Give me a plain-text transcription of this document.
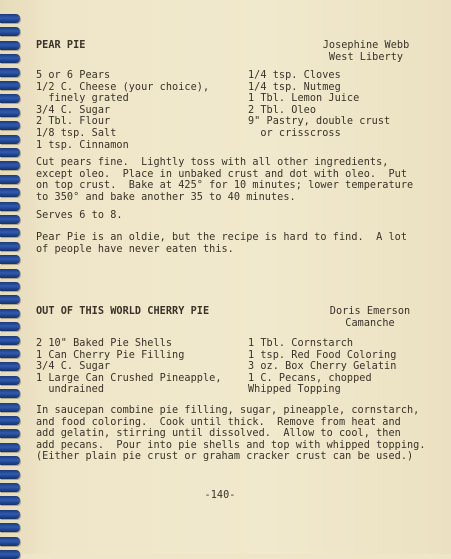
PEAR PIE	Josephine Webb
West Liberty
5 or 6 Pears
1/2 C. Cheese (your choice),
finely grated
3/4 C. Sugar
2 Tbl. Flour
1/8 tsp. Salt
1 tsp. Cinnamon
1/4 tsp. Cloves
1/4 tsp. Nutmeg
1 Tbl. Lemon Juice
2 Tbl. Oleo
9" Pastry, double crust
or crisscross
Cut pears fine.  Lightly toss with all other ingredients,
except oleo.  Place in unbaked crust and dot with oleo.  Put
on top crust.  Bake at 425° for 10 minutes; lower temperature
to 350° and bake another 35 to 40 minutes.
Serves 6 to 8.
Pear Pie is an oldie, but the recipe is hard to find.  A lot
of people have never eaten this.
OUT OF THIS WORLD CHERRY PIE	Doris Emerson
Camanche
2 10" Baked Pie Shells
1 Can Cherry Pie Filling
3/4 C. Sugar
1 Large Can Crushed Pineapple,
undrained
1 Tbl. Cornstarch
1 tsp. Red Food Coloring
3 oz. Box Cherry Gelatin
1 C. Pecans, chopped
Whipped Topping
In saucepan combine pie filling, sugar, pineapple, cornstarch,
and food coloring.  Cook until thick.  Remove from heat and
add gelatin, stirring until dissolved.  Allow to cool, then
add pecans.  Pour into pie shells and top with whipped topping.
(Either plain pie crust or graham cracker crust can be used.)
-140-
